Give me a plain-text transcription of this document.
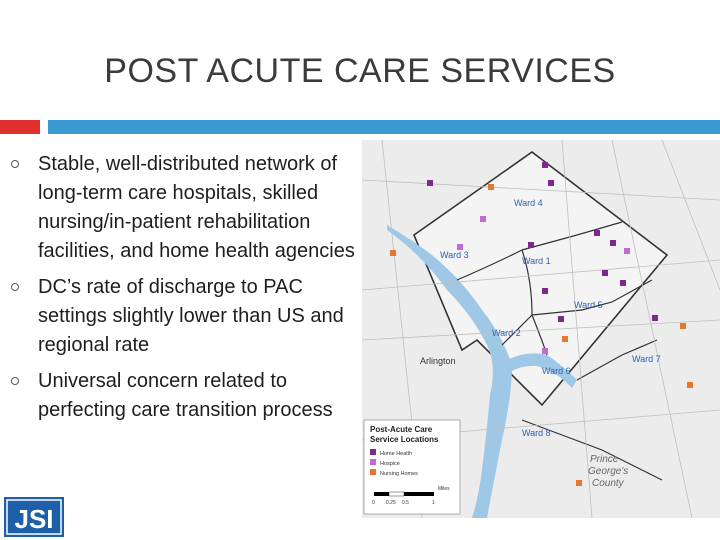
POST ACUTE CARE SERVICES
Stable, well-distributed network of long-term care hospitals, skilled nursing/in-patient rehabilitation facilities, and home health agencies
DC’s rate of discharge to PAC settings slightly lower than US and regional rate
Universal concern related to perfecting care transition process
Ward 1
Ward 2
Ward 3
Ward 4
Ward 5
Ward 6
Ward 7
Ward 8
Arlington
Prince
George's
County
Post-Acute Care
Service Locations
Home Health
Hospice
Nursing Homes
Miles
0 0.25 0.5	1
JSI
